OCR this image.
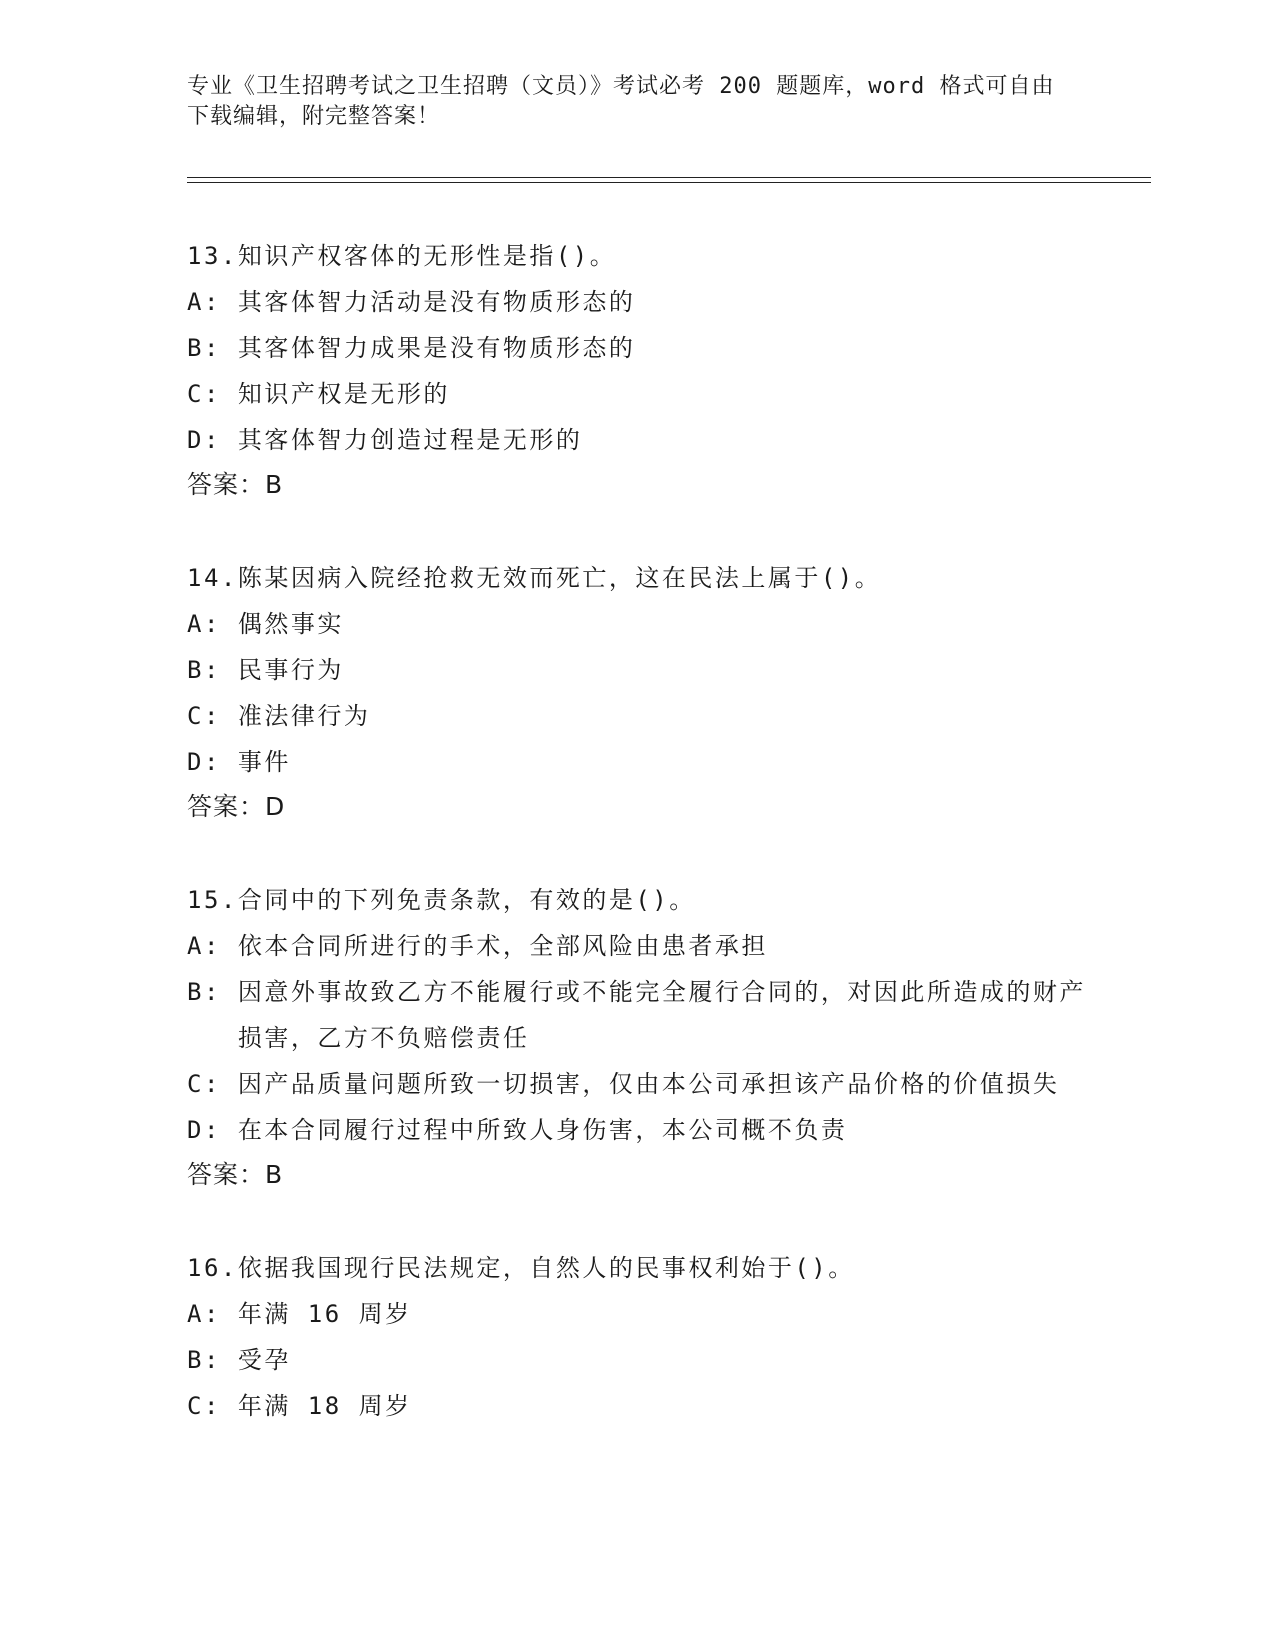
专业《卫生招聘考试之卫生招聘（文员）》考试必考 200 题题库，word 格式可自由下载编辑，附完整答案！
13.知识产权客体的无形性是指()。
A: 其客体智力活动是没有物质形态的
B: 其客体智力成果是没有物质形态的
C: 知识产权是无形的
D: 其客体智力创造过程是无形的
答案：B
14.陈某因病入院经抢救无效而死亡，这在民法上属于()。
A: 偶然事实
B: 民事行为
C: 准法律行为
D: 事件
答案：D
15.合同中的下列免责条款，有效的是()。
A: 依本合同所进行的手术，全部风险由患者承担
B: 因意外事故致乙方不能履行或不能完全履行合同的，对因此所造成的财产损害，乙方不负赔偿责任
C: 因产品质量问题所致一切损害，仅由本公司承担该产品价格的价值损失
D: 在本合同履行过程中所致人身伤害，本公司概不负责
答案：B
16.依据我国现行民法规定，自然人的民事权利始于()。
A: 年满 16 周岁
B: 受孕
C: 年满 18 周岁
